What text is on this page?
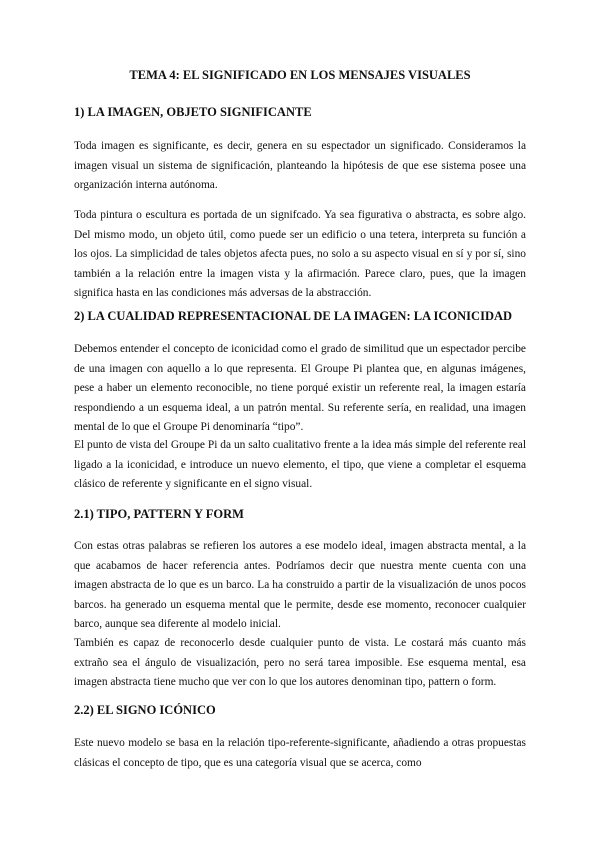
TEMA 4: EL SIGNIFICADO EN LOS MENSAJES VISUALES
1) LA IMAGEN, OBJETO SIGNIFICANTE
Toda imagen es significante, es decir, genera en su espectador un significado. Consideramos la imagen visual un sistema de significación, planteando la hipótesis de que ese sistema posee una organización interna autónoma.
Toda pintura o escultura es portada de un signifcado. Ya sea figurativa o abstracta, es sobre algo. Del mismo modo, un objeto útil, como puede ser un edificio o una tetera, interpreta su función a los ojos. La simplicidad de tales objetos afecta pues, no solo a su aspecto visual en sí y por sí, sino también a la relación entre la imagen vista y la afirmación. Parece claro, pues, que la imagen significa hasta en las condiciones más adversas de la abstracción.
2) LA CUALIDAD REPRESENTACIONAL DE LA IMAGEN: LA ICONICIDAD
Debemos entender el concepto de iconicidad como el grado de similitud que un espectador percibe de una imagen con aquello a lo que representa. El Groupe Pi plantea que, en algunas imágenes, pese a haber un elemento reconocible, no tiene porqué existir un referente real, la imagen estaría respondiendo a un esquema ideal, a un patrón mental. Su referente sería, en realidad, una imagen mental de lo que el Groupe Pi denominaría “tipo”.
El punto de vista del Groupe Pi da un salto cualitativo frente a la idea más simple del referente real ligado a la iconicidad, e introduce un nuevo elemento, el tipo, que viene a completar el esquema clásico de referente y significante en el signo visual.
2.1) TIPO, PATTERN Y FORM
Con estas otras palabras se refieren los autores a ese modelo ideal, imagen abstracta mental, a la que acabamos de hacer referencia antes. Podríamos decir que nuestra mente cuenta con una imagen abstracta de lo que es un barco. La ha construido a partir de la visualización de unos pocos barcos. ha generado un esquema mental que le permite, desde ese momento, reconocer cualquier barco, aunque sea diferente al modelo inicial.
También es capaz de reconocerlo desde cualquier punto de vista. Le costará más cuanto más extraño sea el ángulo de visualización, pero no será tarea imposible. Ese esquema mental, esa imagen abstracta tiene mucho que ver con lo que los autores denominan tipo, pattern o form.
2.2) EL SIGNO ICÓNICO
Este nuevo modelo se basa en la relación tipo-referente-significante, añadiendo a otras propuestas clásicas el concepto de tipo, que es una categoría visual que se acerca, como
